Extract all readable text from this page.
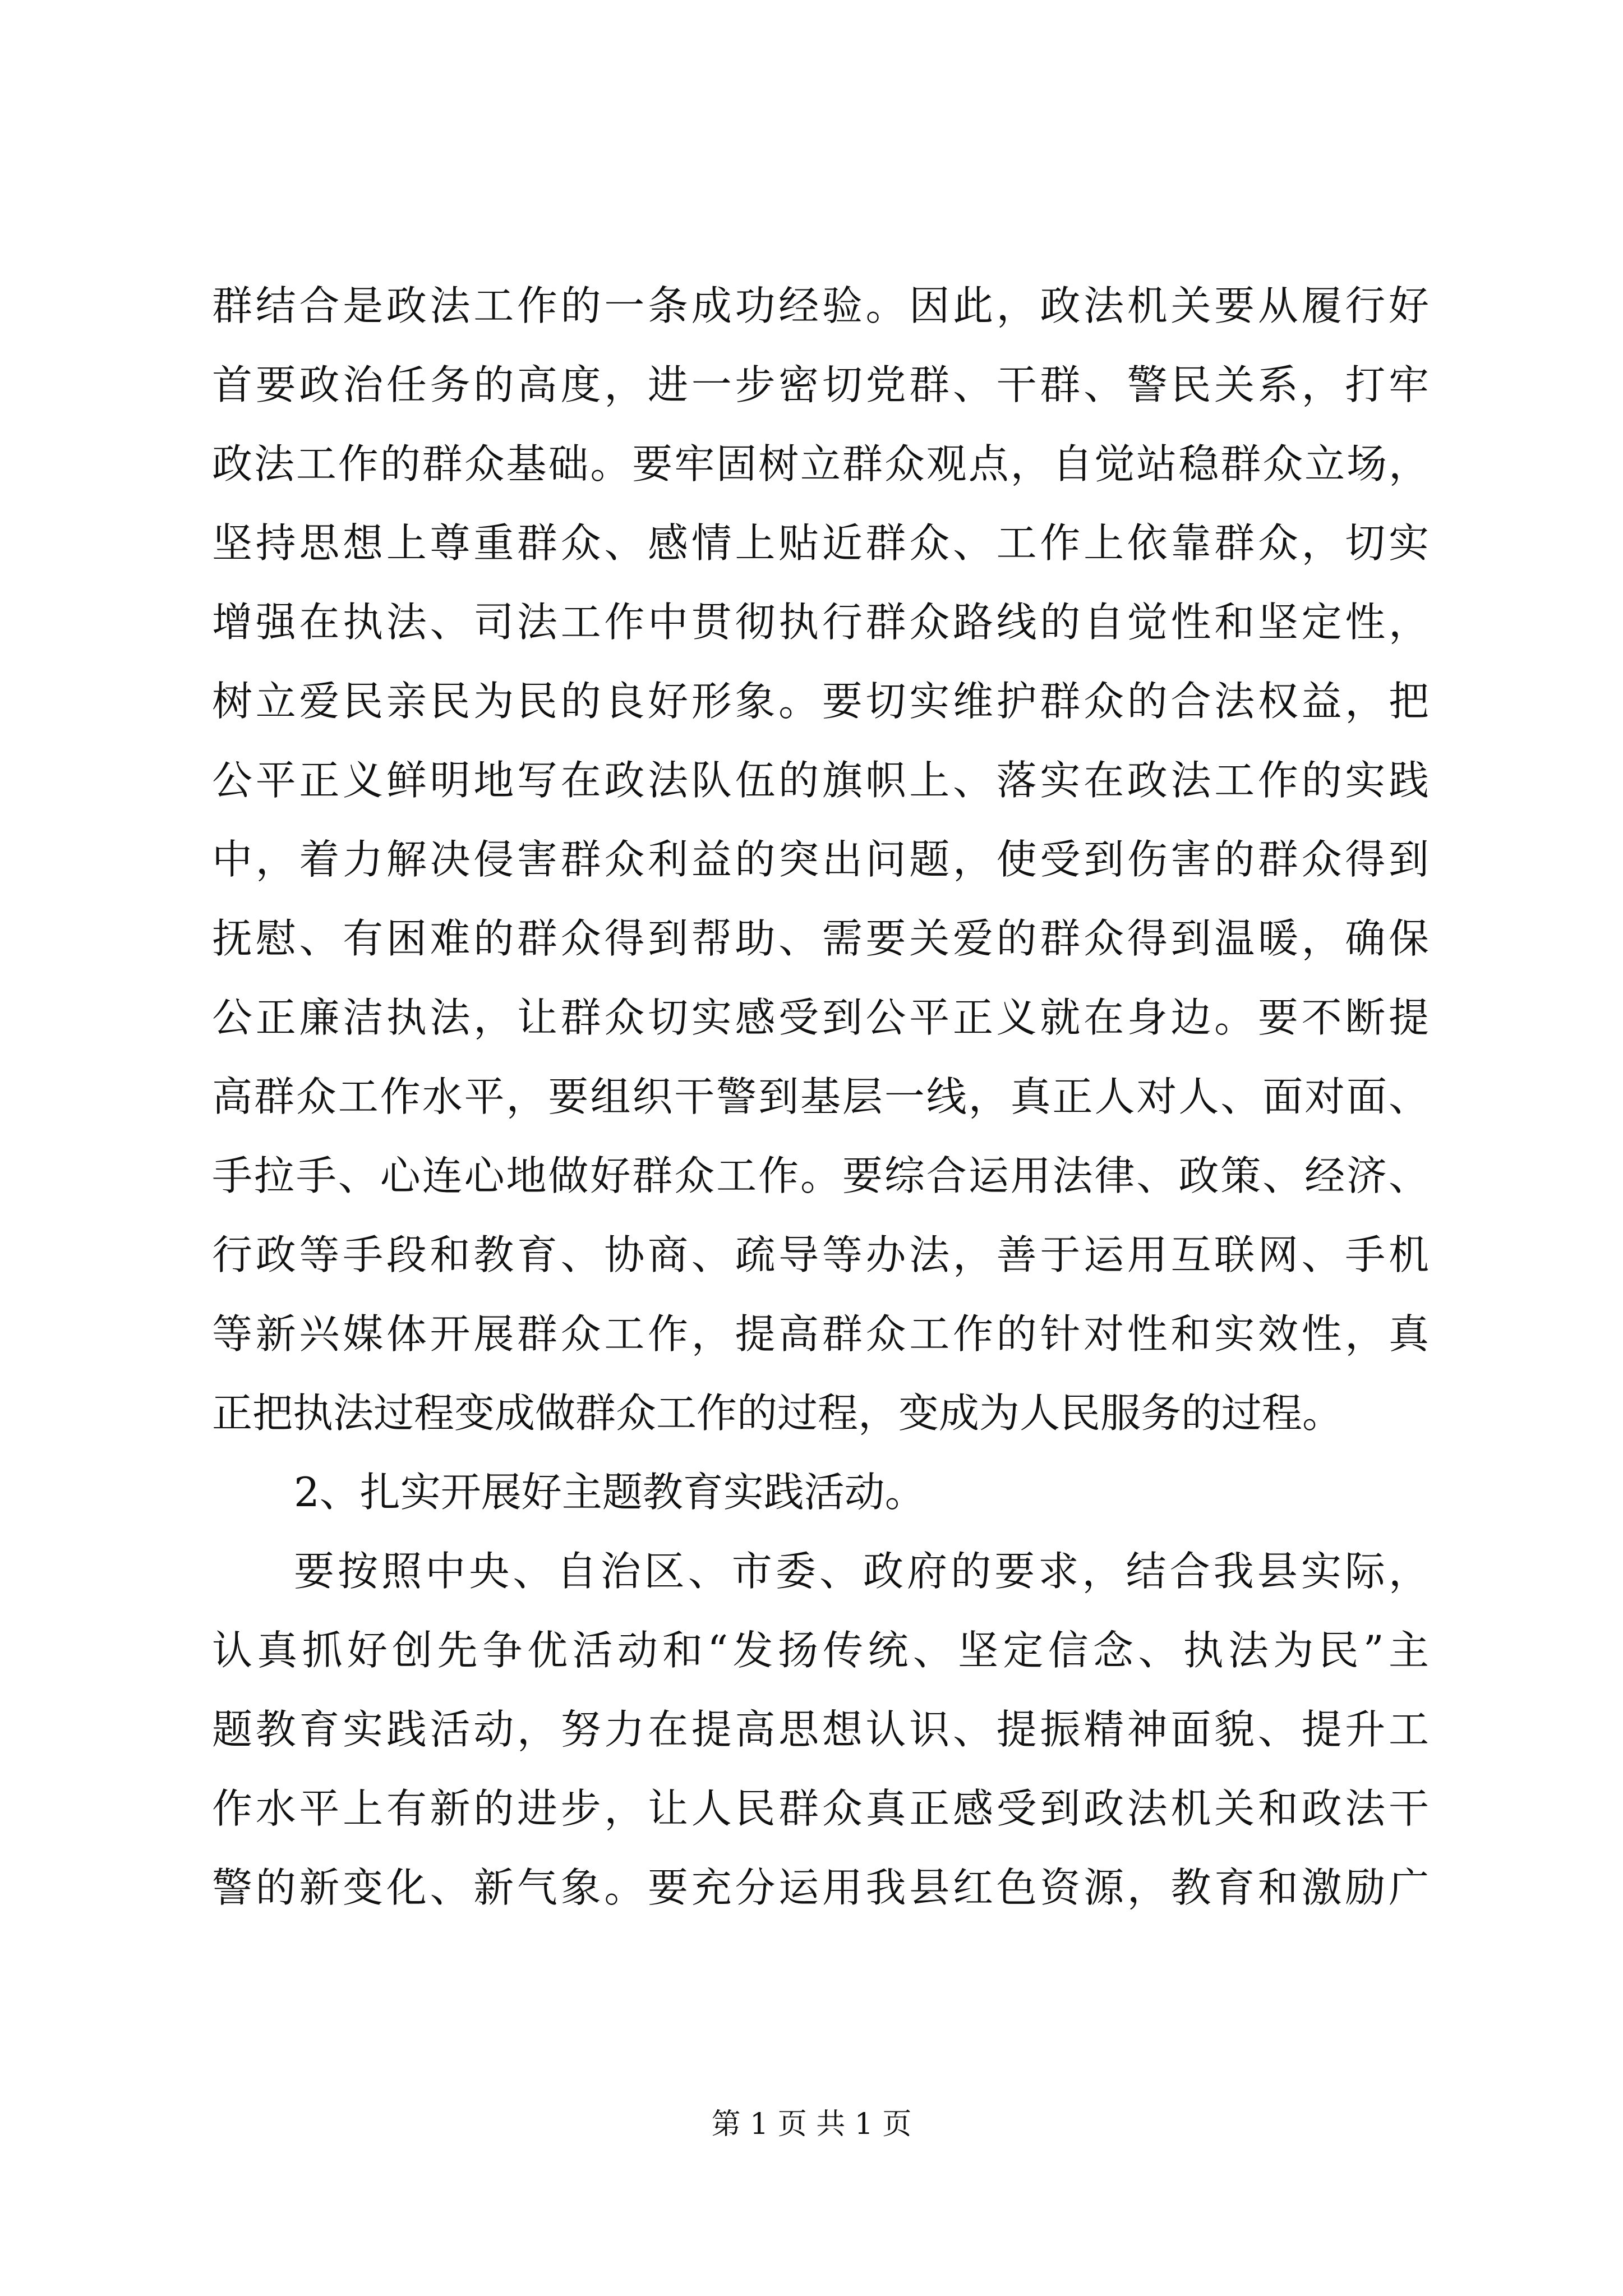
群结合是政法工作的一条成功经验。因此，政法机关要从履行好
首要政治任务的高度，进一步密切党群、干群、警民关系，打牢
政法工作的群众基础。要牢固树立群众观点，自觉站稳群众立场，
坚持思想上尊重群众、感情上贴近群众、工作上依靠群众，切实
增强在执法、司法工作中贯彻执行群众路线的自觉性和坚定性，
树立爱民亲民为民的良好形象。要切实维护群众的合法权益，把
公平正义鲜明地写在政法队伍的旗帜上、落实在政法工作的实践
中，着力解决侵害群众利益的突出问题，使受到伤害的群众得到
抚慰、有困难的群众得到帮助、需要关爱的群众得到温暖，确保
公正廉洁执法，让群众切实感受到公平正义就在身边。要不断提
高群众工作水平，要组织干警到基层一线，真正人对人、面对面、
手拉手、心连心地做好群众工作。要综合运用法律、政策、经济、
行政等手段和教育、协商、疏导等办法，善于运用互联网、手机
等新兴媒体开展群众工作，提高群众工作的针对性和实效性，真
正把执法过程变成做群众工作的过程，变成为人民服务的过程。
2、扎实开展好主题教育实践活动。
要按照中央、自治区、市委、政府的要求，结合我县实际，
认真抓好创先争优活动和“发扬传统、坚定信念、执法为民”主
题教育实践活动，努力在提高思想认识、提振精神面貌、提升工
作水平上有新的进步，让人民群众真正感受到政法机关和政法干
警的新变化、新气象。要充分运用我县红色资源，教育和激励广
第 1 页 共 1 页
